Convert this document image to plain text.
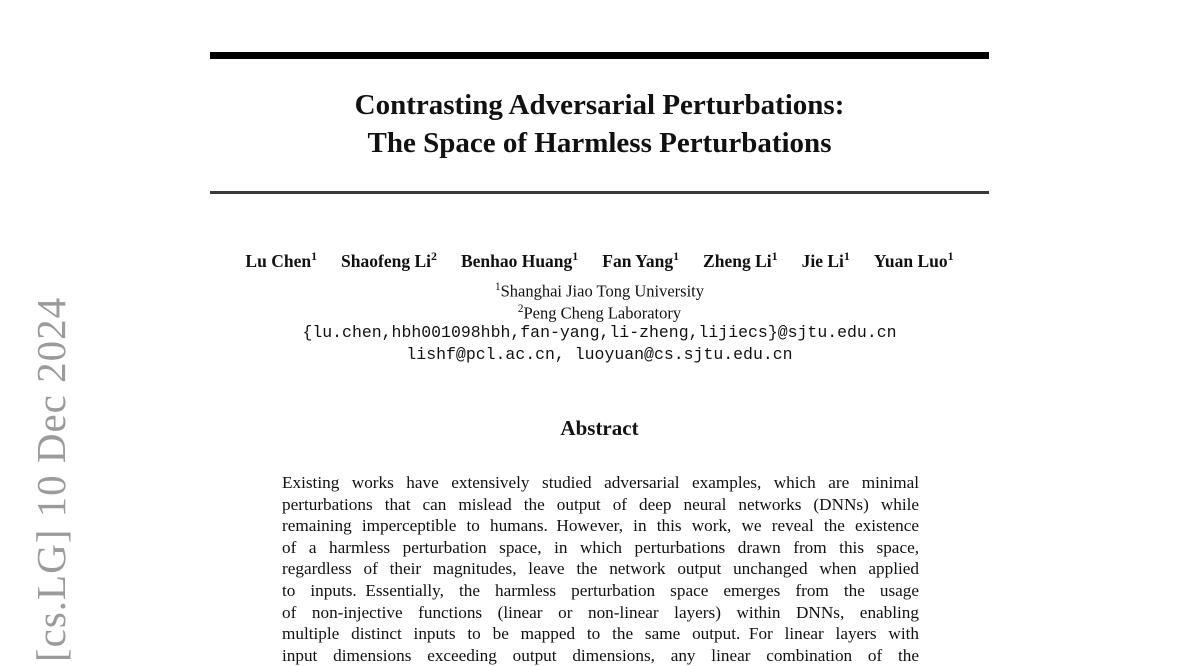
[cs.LG] 10 Dec 2024
Contrasting Adversarial Perturbations:
The Space of Harmless Perturbations
Lu Chen$^1$ Shaofeng Li$^2$ Benhao Huang$^1$ Fan Yang$^1$ Zheng Li$^1$ Jie Li$^1$ Yuan Luo$^1$
$^1$Shanghai Jiao Tong University
$^2$Peng Cheng Laboratory
{lu.chen,hbh001098hbh,fan-yang,li-zheng,lijiecs}@sjtu.edu.cn
lishf@pcl.ac.cn, luoyuan@cs.sjtu.edu.cn
Abstract
Existing works have extensively studied adversarial examples, which are minimal
perturbations that can mislead the output of deep neural networks (DNNs) while
remaining imperceptible to humans. However, in this work, we reveal the existence
of a harmless perturbation space, in which perturbations drawn from this space,
regardless of their magnitudes, leave the network output unchanged when applied
to inputs. Essentially, the harmless perturbation space emerges from the usage
of non-injective functions (linear or non-linear layers) within DNNs, enabling
multiple distinct inputs to be mapped to the same output. For linear layers with
input dimensions exceeding output dimensions, any linear combination of the
